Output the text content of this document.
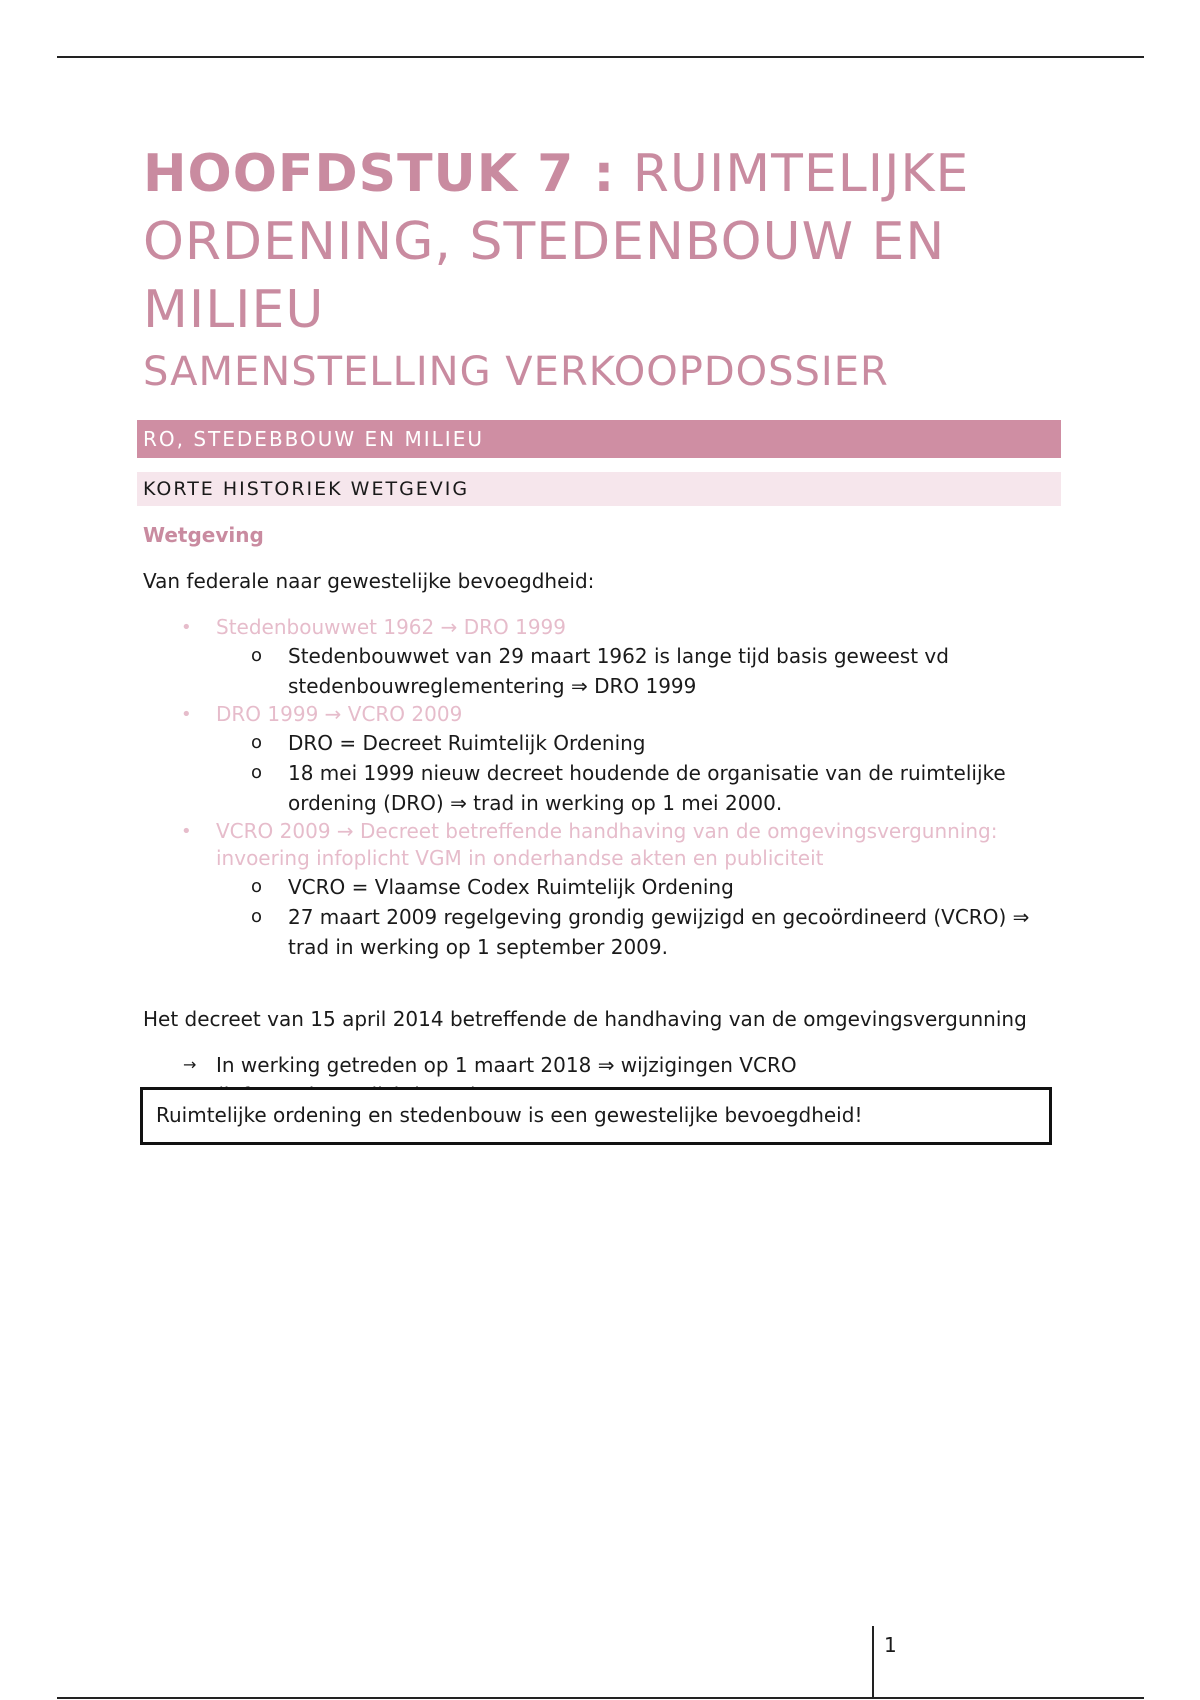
HOOFDSTUK 7 : RUIMTELIJKE ORDENING, STEDENBOUW EN MILIEU
SAMENSTELLING VERKOOPDOSSIER
RO, STEDEBBOUW EN MILIEU
KORTE HISTORIEK WETGEVIG
Wetgeving

Van federale naar gewestelijke bevoegdheid:

• Stedenbouwwet 1962 → DRO 1999
o Stedenbouwwet van 29 maart 1962 is lange tijd basis geweest vd stedenbouwreglementering ⇒ DRO 1999
• DRO 1999 → VCRO 2009
o DRO = Decreet Ruimtelijk Ordening
o 18 mei 1999 nieuw decreet houdende de organisatie van de ruimtelijke ordening (DRO) ⇒ trad in werking op 1 mei 2000.
• VCRO 2009 → Decreet betreffende handhaving van de omgevingsvergunning: invoering infoplicht VGM in onderhandse akten en publiciteit
o VCRO = Vlaamse Codex Ruimtelijk Ordening
o 27 maart 2009 regelgeving grondig gewijzigd en gecoördineerd (VCRO) ⇒ trad in werking op 1 september 2009.

Het decreet van 15 april 2014 betreffende de handhaving van de omgevingsvergunning

→ In werking getreden op 1 maart 2018 ⇒ wijzigingen VCRO
Ruimtelijke ordening en stedenbouw is een gewestelijke bevoegdheid!
1
